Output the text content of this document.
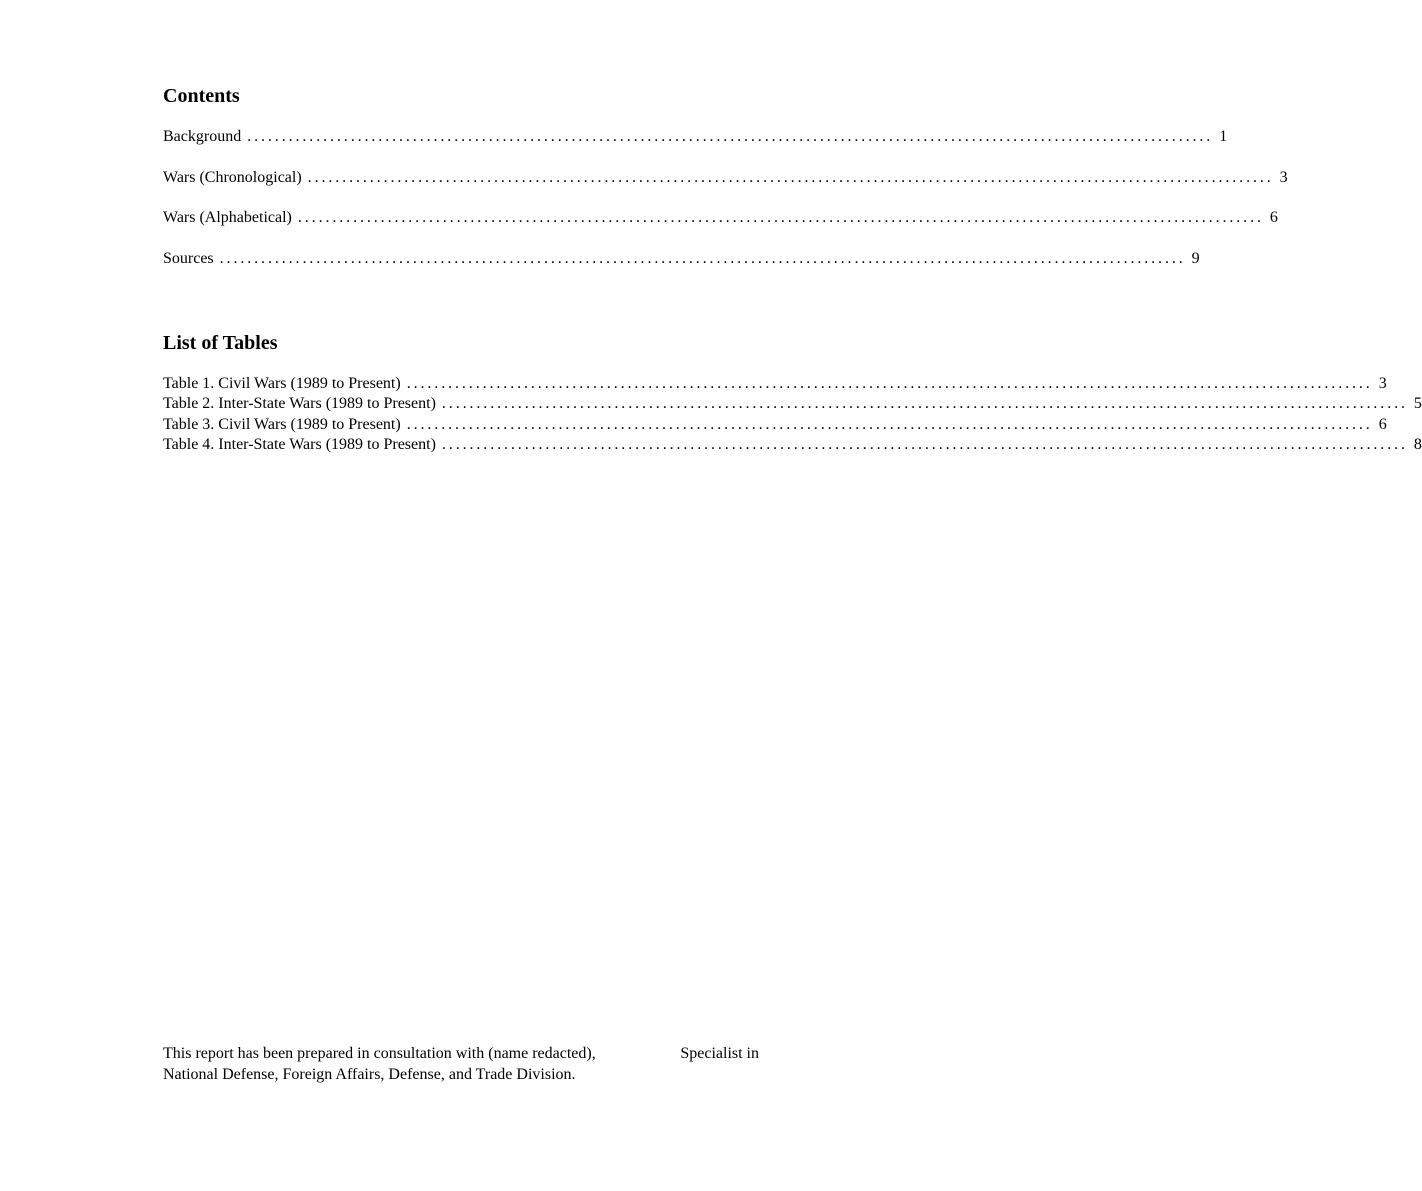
Contents
Background ............................................................................................................................................ 1
Wars (Chronological) ............................................................................................................................................ 3
Wars (Alphabetical) ............................................................................................................................................ 6
Sources ............................................................................................................................................ 9
List of Tables
Table 1. Civil Wars (1989 to Present) ............................................................................................................................................ 3
Table 2. Inter-State Wars (1989 to Present) ............................................................................................................................................ 5
Table 3. Civil Wars (1989 to Present) ............................................................................................................................................ 6
Table 4. Inter-State Wars (1989 to Present) ............................................................................................................................................ 8
This report has been prepared in consultation with (name redacted),	Specialist in
National Defense, Foreign Affairs, Defense, and Trade Division.
